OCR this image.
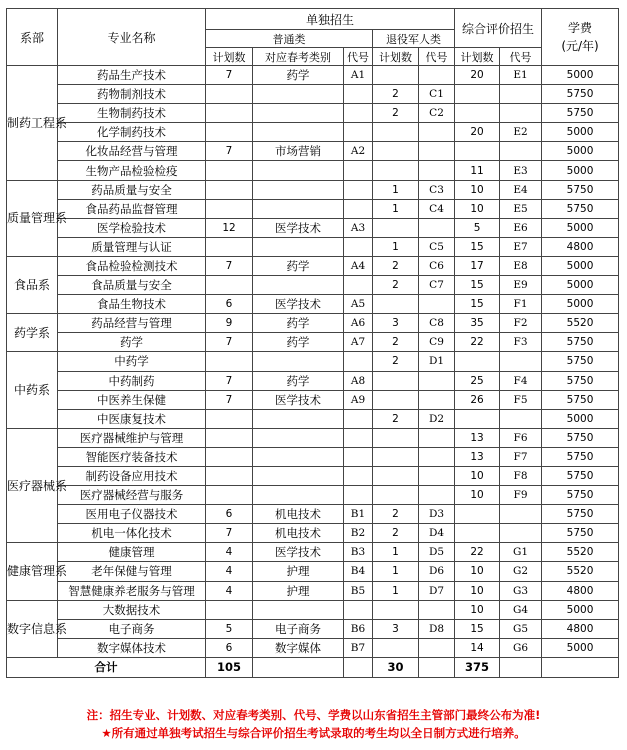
系部	专业名称	单独招生					综合评价招生		学费
(元/年)
		普通类			退役军人类				
		计划数	对应春考类别	代号	计划数	代号	计划数	代号	
制药工程系	药品生产技术	7	药学	A1			20	E1	5000
	药物制剂技术				2	C1			5750
	生物制药技术				2	C2			5750
	化学制药技术						20	E2	5000
	化妆品经营与管理	7	市场营销	A2					5000
	生物产品检验检疫						11	E3	5000
质量管理系	药品质量与安全				1	C3	10	E4	5750
	食品药品监督管理				1	C4	10	E5	5750
	医学检验技术	12	医学技术	A3			5	E6	5000
	质量管理与认证				1	C5	15	E7	4800
食品系	食品检验检测技术	7	药学	A4	2	C6	17	E8	5000
	食品质量与安全				2	C7	15	E9	5000
	食品生物技术	6	医学技术	A5			15	F1	5000
药学系	药品经营与管理	9	药学	A6	3	C8	35	F2	5520
	药学	7	药学	A7	2	C9	22	F3	5750
中药系	中药学				2	D1			5750
	中药制药	7	药学	A8			25	F4	5750
	中医养生保健	7	医学技术	A9			26	F5	5750
	中医康复技术				2	D2			5000
医疗器械系	医疗器械维护与管理						13	F6	5750
	智能医疗装备技术						13	F7	5750
	制药设备应用技术						10	F8	5750
	医疗器械经营与服务						10	F9	5750
	医用电子仪器技术	6	机电技术	B1	2	D3			5750
	机电一体化技术	7	机电技术	B2	2	D4			5750
健康管理系	健康管理	4	医学技术	B3	1	D5	22	G1	5520
	老年保健与管理	4	护理	B4	1	D6	10	G2	5520
	智慧健康养老服务与管理	4	护理	B5	1	D7	10	G3	4800
数字信息系	大数据技术						10	G4	5000
	电子商务	5	电子商务	B6	3	D8	15	G5	4800
	数字媒体技术	6	数字媒体	B7			14	G6	5000
合计		105			30		375		
注：招生专业、计划数、对应春考类别、代号、学费以山东省招生主管部门最终公布为准!
★所有通过单独考试招生与综合评价招生考试录取的考生均以全日制方式进行培养。
